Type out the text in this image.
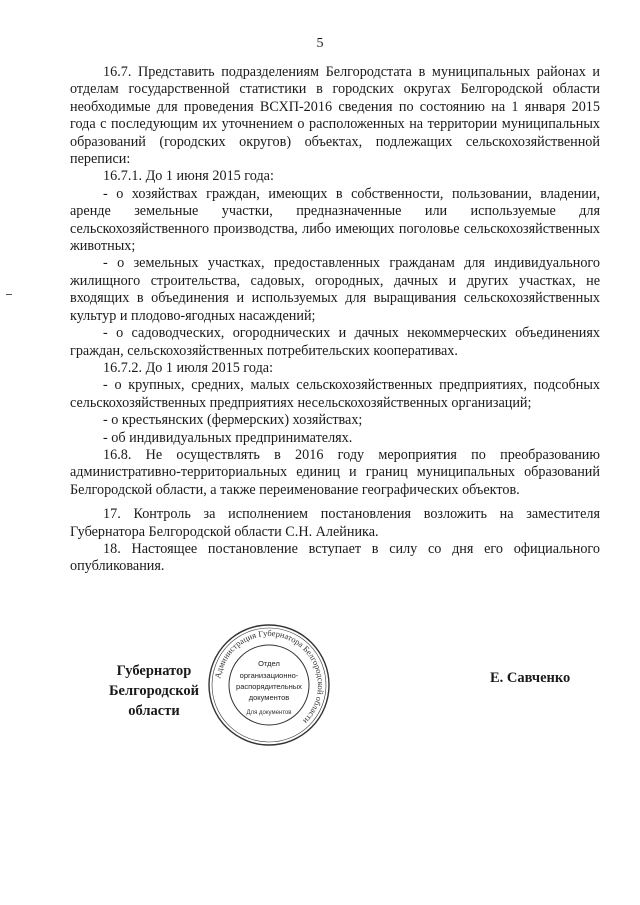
5

16.7. Представить подразделениям Белгородстата в муниципальных районах и отделам государственной статистики в городских округах Белгородской области необходимые для проведения ВСХП-2016 сведения по состоянию на 1 января 2015 года с последующим их уточнением о расположенных на территории муниципальных образований (городских округов) объектах, подлежащих сельскохозяйственной переписи:

16.7.1. До 1 июня 2015 года:

- о хозяйствах граждан, имеющих в собственности, пользовании, владении, аренде земельные участки, предназначенные или используемые для сельскохозяйственного производства, либо имеющих поголовье сельскохозяйственных животных;

- о земельных участках, предоставленных гражданам для индивидуального жилищного строительства, садовых, огородных, дачных и других участках, не входящих в объединения и используемых для выращивания сельскохозяйственных культур и плодово-ягодных насаждений;

- о садоводческих, огороднических и дачных некоммерческих объединениях граждан, сельскохозяйственных потребительских кооперативах.

16.7.2. До 1 июля 2015 года:

- о крупных, средних, малых сельскохозяйственных предприятиях, подсобных сельскохозяйственных предприятиях несельскохозяйственных организаций;

- о крестьянских (фермерских) хозяйствах;

- об индивидуальных предпринимателях.

16.8. Не осуществлять в 2016 году мероприятия по преобразованию административно-территориальных единиц и границ муниципальных образований Белгородской области, а также переименование географических объектов.

17. Контроль за исполнением постановления возложить на заместителя Губернатора Белгородской области С.Н. Алейника.

18. Настоящее постановление вступает в силу со дня его официального опубликования.

Губернатор
Белгородской области
Администрация Губернатора Белгородской области
Отдел
организационно-
распорядительных
документов
Для документов
Е. Савченко
